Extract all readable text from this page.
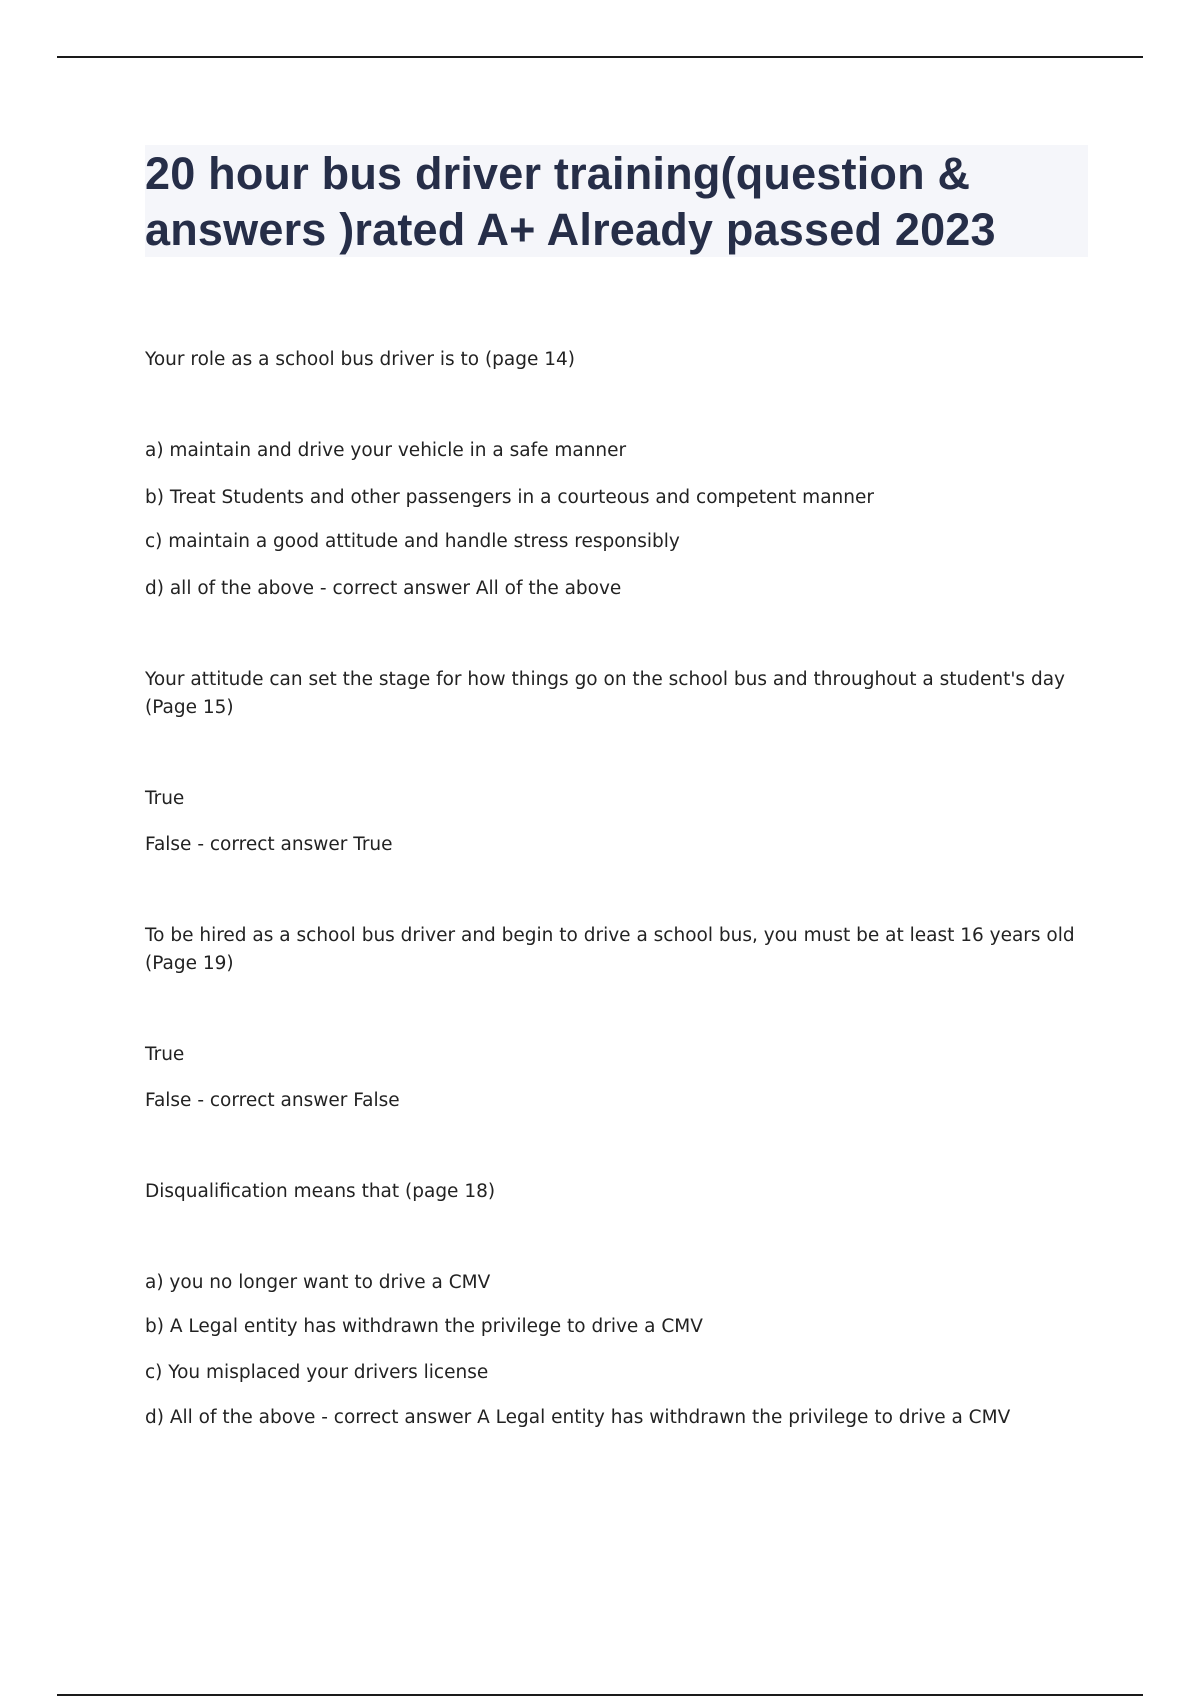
20 hour bus driver training(question & answers )rated A+ Already passed 2023

Your role as a school bus driver is to (page 14)

a) maintain and drive your vehicle in a safe manner

b) Treat Students and other passengers in a courteous and competent manner

c) maintain a good attitude and handle stress responsibly

d) all of the above - correct answer All of the above

Your attitude can set the stage for how things go on the school bus and throughout a student's day (Page 15)

True

False - correct answer True

To be hired as a school bus driver and begin to drive a school bus, you must be at least 16 years old (Page 19)

True

False - correct answer False

Disqualification means that (page 18)

a) you no longer want to drive a CMV

b) A Legal entity has withdrawn the privilege to drive a CMV

c) You misplaced your drivers license

d) All of the above - correct answer A Legal entity has withdrawn the privilege to drive a CMV
